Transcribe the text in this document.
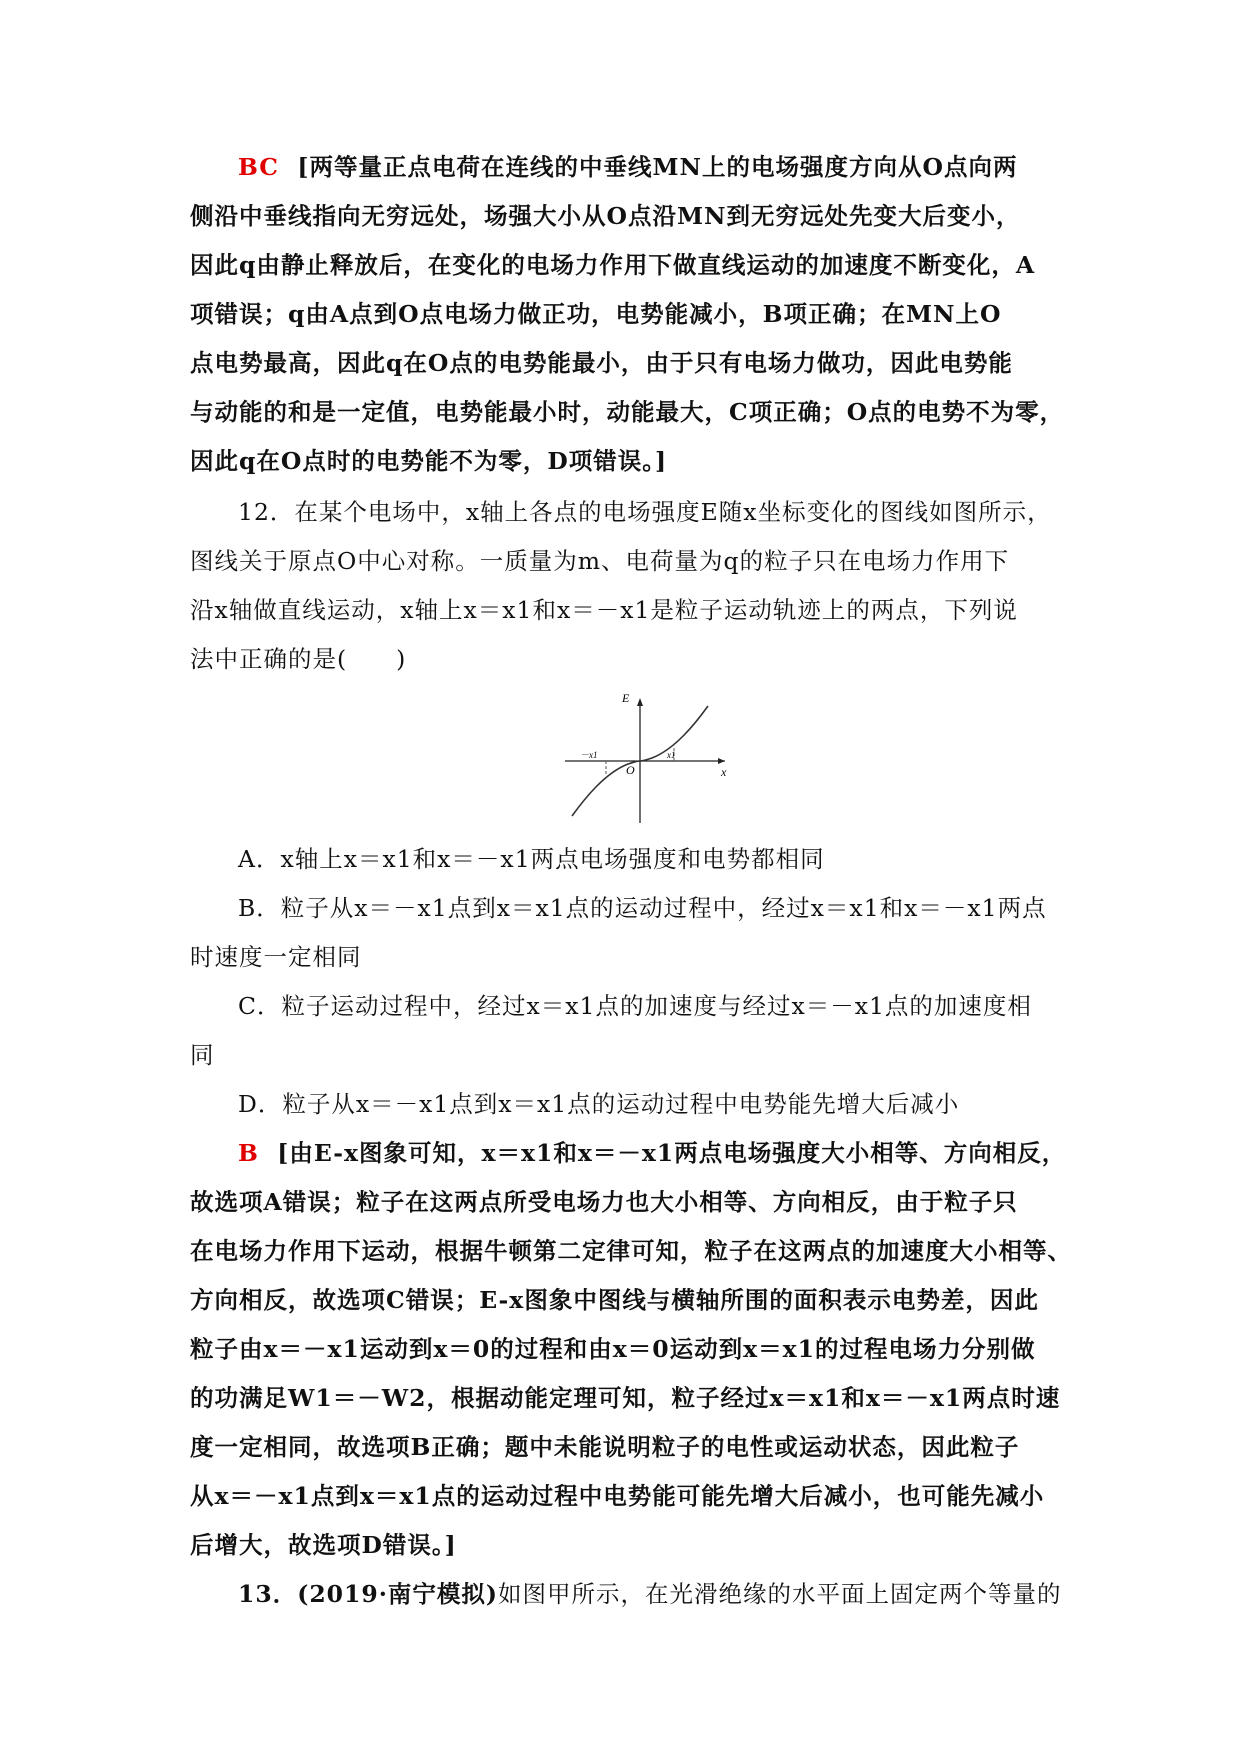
BC [两等量正点电荷在连线的中垂线MN上的电场强度方向从O点向两
侧沿中垂线指向无穷远处，场强大小从O点沿MN到无穷远处先变大后变小，
因此q由静止释放后，在变化的电场力作用下做直线运动的加速度不断变化，A
项错误；q由A点到O点电场力做正功，电势能减小，B项正确；在MN上O
点电势最高，因此q在O点的电势能最小，由于只有电场力做功，因此电势能
与动能的和是一定值，电势能最小时，动能最大，C项正确；O点的电势不为零，
因此q在O点时的电势能不为零，D项错误。]
12．在某个电场中，x轴上各点的电场强度E随x坐标变化的图线如图所示，
图线关于原点O中心对称。一质量为m、电荷量为q的粒子只在电场力作用下
沿x轴做直线运动，x轴上x＝x1和x＝－x1是粒子运动轨迹上的两点，下列说
法中正确的是(　　)
E
x
O
x1
－x1
A．x轴上x＝x1和x＝－x1两点电场强度和电势都相同
B．粒子从x＝－x1点到x＝x1点的运动过程中，经过x＝x1和x＝－x1两点
时速度一定相同
C．粒子运动过程中，经过x＝x1点的加速度与经过x＝－x1点的加速度相
同
D．粒子从x＝－x1点到x＝x1点的运动过程中电势能先增大后减小
B [由E-x图象可知，x＝x1和x＝－x1两点电场强度大小相等、方向相反，
故选项A错误；粒子在这两点所受电场力也大小相等、方向相反，由于粒子只
在电场力作用下运动，根据牛顿第二定律可知，粒子在这两点的加速度大小相等、
方向相反，故选项C错误；E-x图象中图线与横轴所围的面积表示电势差，因此
粒子由x＝－x1运动到x＝0的过程和由x＝0运动到x＝x1的过程电场力分别做
的功满足W1＝－W2，根据动能定理可知，粒子经过x＝x1和x＝－x1两点时速
度一定相同，故选项B正确；题中未能说明粒子的电性或运动状态，因此粒子
从x＝－x1点到x＝x1点的运动过程中电势能可能先增大后减小，也可能先减小
后增大，故选项D错误。]
13．(2019·南宁模拟)如图甲所示，在光滑绝缘的水平面上固定两个等量的
